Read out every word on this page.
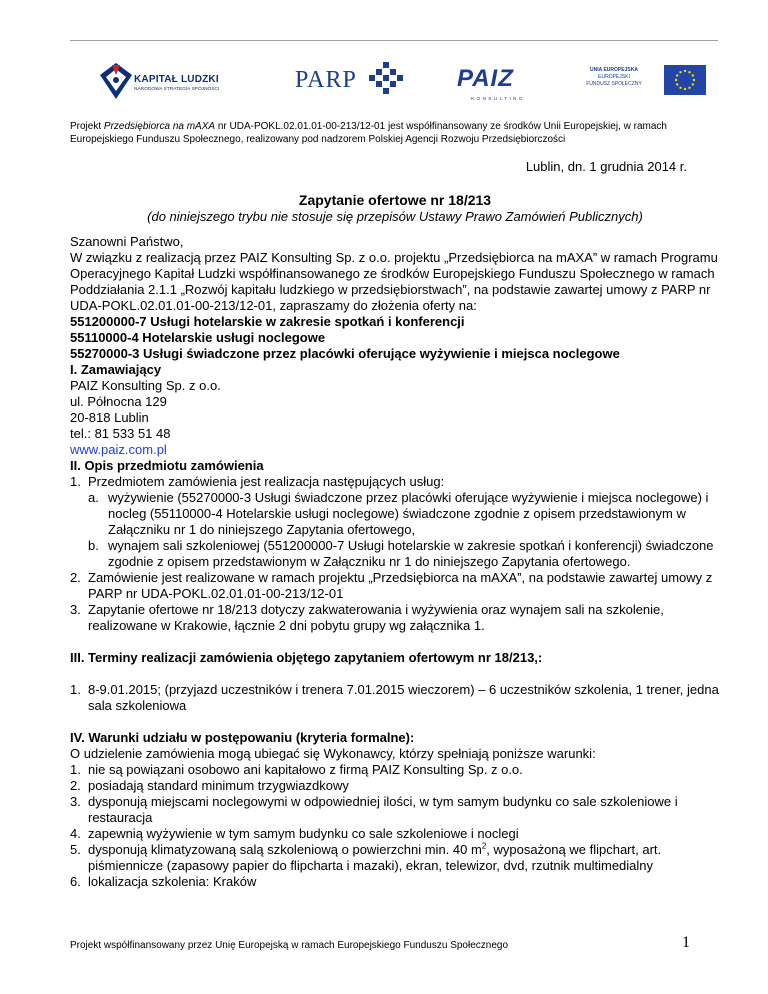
KAPITAŁ LUDZKI
NARODOWA STRATEGIA SPÓJNOŚCI	PARP	PAIZ
KONSULTING
UNIA EUROPEJSKA
EUROPEJSKI
FUNDUSZ SPOŁECZNY
Projekt Przedsiębiorca na mAXA nr UDA-POKL.02.01.01-00-213/12-01 jest współfinansowany ze środków Unii Europejskiej, w ramach Europejskiego Funduszu Społecznego, realizowany pod nadzorem Polskiej Agencji Rozwoju Przedsiębiorczości
Lublin, dn. 1 grudnia 2014 r.
Zapytanie ofertowe nr 18/213
(do niniejszego trybu nie stosuje się przepisów Ustawy Prawo Zamówień Publicznych)

Szanowni Państwo,

W związku z realizacją przez PAIZ Konsulting Sp. z o.o. projektu „Przedsiębiorca na mAXA” w ramach Programu Operacyjnego Kapitał Ludzki współfinansowanego ze środków Europejskiego Funduszu Społecznego w ramach Poddziałania 2.1.1 „Rozwój kapitału ludzkiego w przedsiębiorstwach”, na podstawie zawartej umowy z PARP nr UDA-POKL.02.01.01-00-213/12-01, zapraszamy do złożenia oferty na:

551200000-7 Usługi hotelarskie w zakresie spotkań i konferencji

55110000-4 Hotelarskie usługi noclegowe

55270000-3 Usługi świadczone przez placówki oferujące wyżywienie i miejsca noclegowe

I. Zamawiający

PAIZ Konsulting Sp. z o.o.

ul. Północna 129

20-818 Lublin

tel.: 81 533 51 48

www.paiz.com.pl

II. Opis przedmiotu zamówienia

1. Przedmiotem zamówienia jest realizacja następujących usług:
a. wyżywienie (55270000-3 Usługi świadczone przez placówki oferujące wyżywienie i miejsca noclegowe) i nocleg (55110000-4 Hotelarskie usługi noclegowe) świadczone zgodnie z opisem przedstawionym w Załączniku nr 1 do niniejszego Zapytania ofertowego,
b. wynajem sali szkoleniowej (551200000-7 Usługi hotelarskie w zakresie spotkań i konferencji) świadczone zgodnie z opisem przedstawionym w Załączniku nr 1 do niniejszego Zapytania ofertowego.
2. Zamówienie jest realizowane w ramach projektu „Przedsiębiorca na mAXA”, na podstawie zawartej umowy z PARP nr UDA-POKL.02.01.01-00-213/12-01
3. Zapytanie ofertowe nr 18/213 dotyczy zakwaterowania i wyżywienia oraz wynajem sali na szkolenie, realizowane w Krakowie, łącznie 2 dni pobytu grupy wg załącznika 1.

III. Terminy realizacji zamówienia objętego zapytaniem ofertowym nr 18/213,:

1. 8-9.01.2015; (przyjazd uczestników i trenera 7.01.2015 wieczorem) – 6 uczestników szkolenia, 1 trener, jedna sala szkoleniowa

IV. Warunki udziału w postępowaniu (kryteria formalne):

O udzielenie zamówienia mogą ubiegać się Wykonawcy, którzy spełniają poniższe warunki:

1. nie są powiązani osobowo ani kapitałowo z firmą PAIZ Konsulting Sp. z o.o.
2. posiadają standard minimum trzygwiazdkowy
3. dysponują miejscami noclegowymi w odpowiedniej ilości, w tym samym budynku co sale szkoleniowe i restauracja
4. zapewnią wyżywienie w tym samym budynku co sale szkoleniowe i noclegi
5. dysponują klimatyzowaną salą szkoleniową o powierzchni min. 40 $m^2$, wyposażoną we flipchart, art. piśmiennicze (zapasowy papier do flipcharta i mazaki), ekran, telewizor, dvd, rzutnik multimedialny
6. lokalizacja szkolenia: Kraków
Projekt współfinansowany przez Unię Europejską w ramach Europejskiego Funduszu Społecznego	1
